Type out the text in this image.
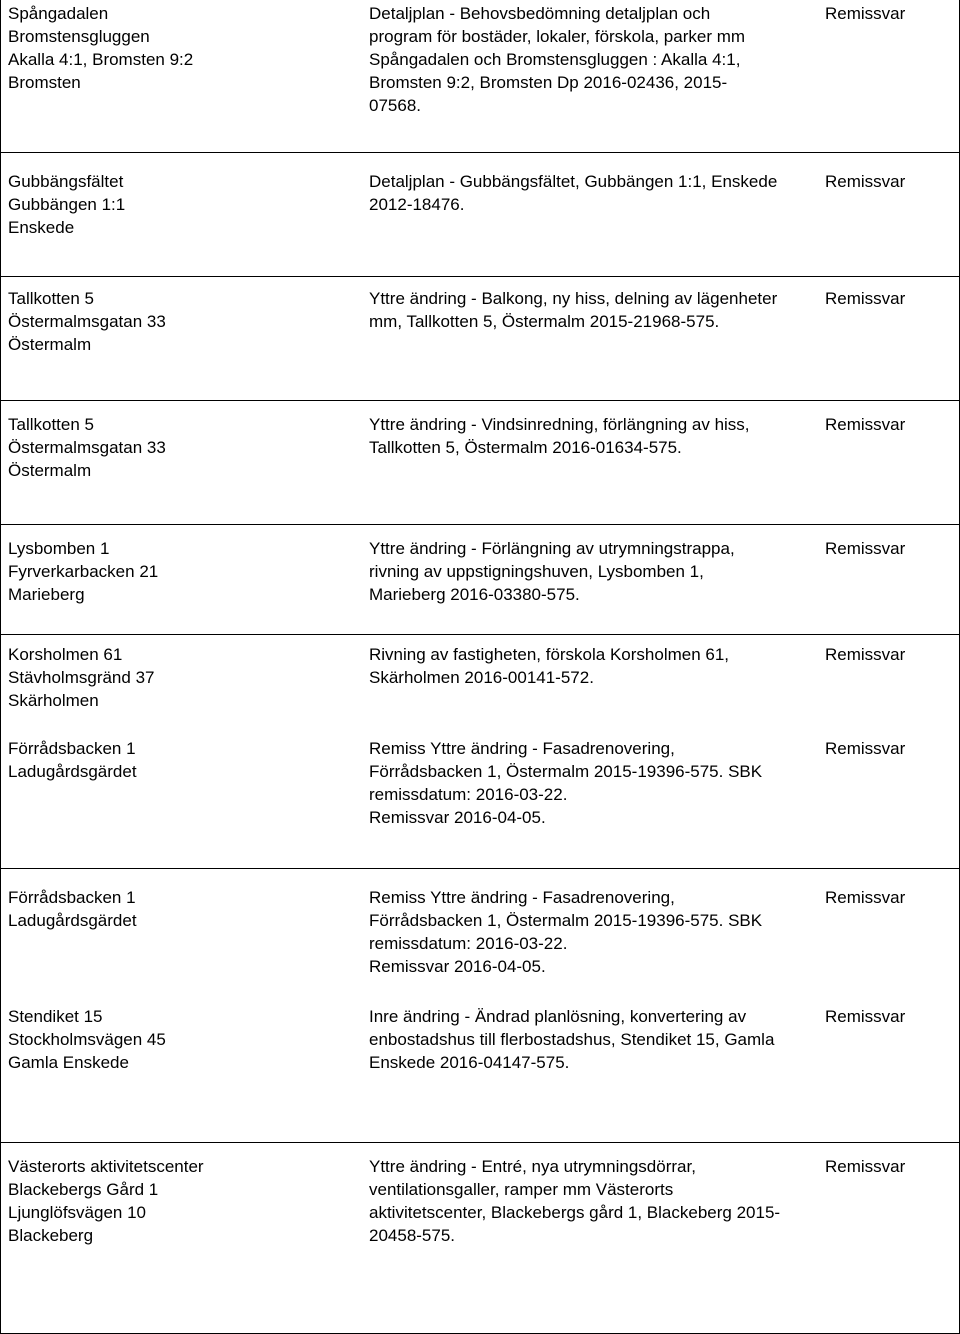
Spångadalen
Bromstensgluggen
Akalla 4:1, Bromsten 9:2
Bromsten
Detaljplan - Behovsbedömning detaljplan och
program för bostäder, lokaler, förskola, parker mm
Spångadalen och Bromstensgluggen : Akalla 4:1,
Bromsten 9:2, Bromsten Dp 2016-02436, 2015-
07568.
Remissvar
Gubbängsfältet
Gubbängen 1:1
Enskede
Detaljplan - Gubbängsfältet, Gubbängen 1:1, Enskede
2012-18476.
Remissvar
Tallkotten 5
Östermalmsgatan 33
Östermalm
Yttre ändring - Balkong, ny hiss, delning av lägenheter
mm, Tallkotten 5, Östermalm 2015-21968-575.
Remissvar
Tallkotten 5
Östermalmsgatan 33
Östermalm
Yttre ändring - Vindsinredning, förlängning av hiss,
Tallkotten 5, Östermalm 2016-01634-575.
Remissvar
Lysbomben 1
Fyrverkarbacken 21
Marieberg
Yttre ändring - Förlängning av utrymningstrappa,
rivning av uppstigningshuven, Lysbomben 1,
Marieberg 2016-03380-575.
Remissvar
Korsholmen 61
Stävholmsgränd 37
Skärholmen
Rivning av fastigheten, förskola Korsholmen 61,
Skärholmen 2016-00141-572.
Remissvar
Förrådsbacken 1
Ladugårdsgärdet
Remiss Yttre ändring - Fasadrenovering,
Förrådsbacken 1, Östermalm 2015-19396-575. SBK
remissdatum: 2016-03-22.
Remissvar 2016-04-05.
Remissvar
Förrådsbacken 1
Ladugårdsgärdet
Remiss Yttre ändring - Fasadrenovering,
Förrådsbacken 1, Östermalm 2015-19396-575. SBK
remissdatum: 2016-03-22.
Remissvar 2016-04-05.
Remissvar
Stendiket 15
Stockholmsvägen 45
Gamla Enskede
Inre ändring - Ändrad planlösning, konvertering av
enbostadshus till flerbostadshus, Stendiket 15, Gamla
Enskede 2016-04147-575.
Remissvar
Västerorts aktivitetscenter
Blackebergs Gård 1
Ljunglöfsvägen 10
Blackeberg
Yttre ändring - Entré, nya utrymningsdörrar,
ventilationsgaller, ramper mm Västerorts
aktivitetscenter, Blackebergs gård 1, Blackeberg 2015-
20458-575.
Remissvar
